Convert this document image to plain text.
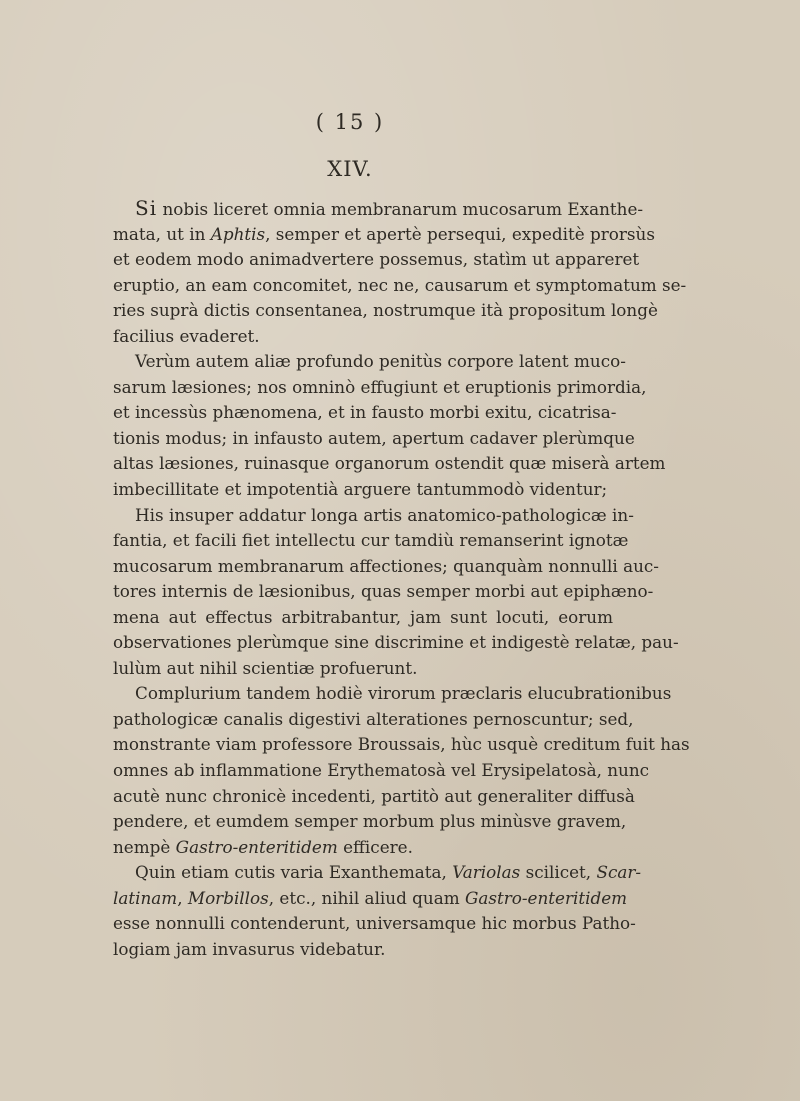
( 15 )
XIV.
Si nobis liceret omnia membranarum mucosarum Exanthe-
mata, ut in Aphtis, semper et apertè persequi, expeditè prorsùs
et eodem modo animadvertere possemus, statìm ut appareret
eruptio, an eam concomitet, nec ne, causarum et symptomatum se-
ries suprà dictis consentanea, nostrumque ità propositum longè
facilius evaderet.
Verùm autem aliæ profundo penitùs corpore latent muco-
sarum læsiones; nos omninò effugiunt et eruptionis primordia,
et incessùs phænomena, et in fausto morbi exitu, cicatrisa-
tionis modus; in infausto autem, apertum cadaver plerùmque
altas læsiones, ruinasque organorum ostendit quæ miserà artem
imbecillitate et impotentià arguere tantummodò videntur;
His insuper addatur longa artis anatomico-pathologicæ in-
fantia, et facili fiet intellectu cur tamdiù remanserint ignotæ
mucosarum membranarum affectiones; quanquàm nonnulli auc-
tores internis de læsionibus, quas semper morbi aut epiphæno-
mena aut effectus arbitrabantur, jam sunt locuti, eorum
observationes plerùmque sine discrimine et indigestè relatæ, pau-
lulùm aut nihil scientiæ profuerunt.
Complurium tandem hodiè virorum præclaris elucubrationibus
pathologicæ canalis digestivi alterationes pernoscuntur; sed,
monstrante viam professore Broussais, hùc usquè creditum fuit has
omnes ab inflammatione Erythematosà vel Erysipelatosà, nunc
acutè nunc chronicè incedenti, partitò aut generaliter diffusà
pendere, et eumdem semper morbum plus minùsve gravem,
nempè Gastro-enteritidem efficere.
Quin etiam cutis varia Exanthemata, Variolas scilicet, Scar-
latinam, Morbillos, etc., nihil aliud quam Gastro-enteritidem
esse nonnulli contenderunt, universamque hic morbus Patho-
logiam jam invasurus videbatur.
